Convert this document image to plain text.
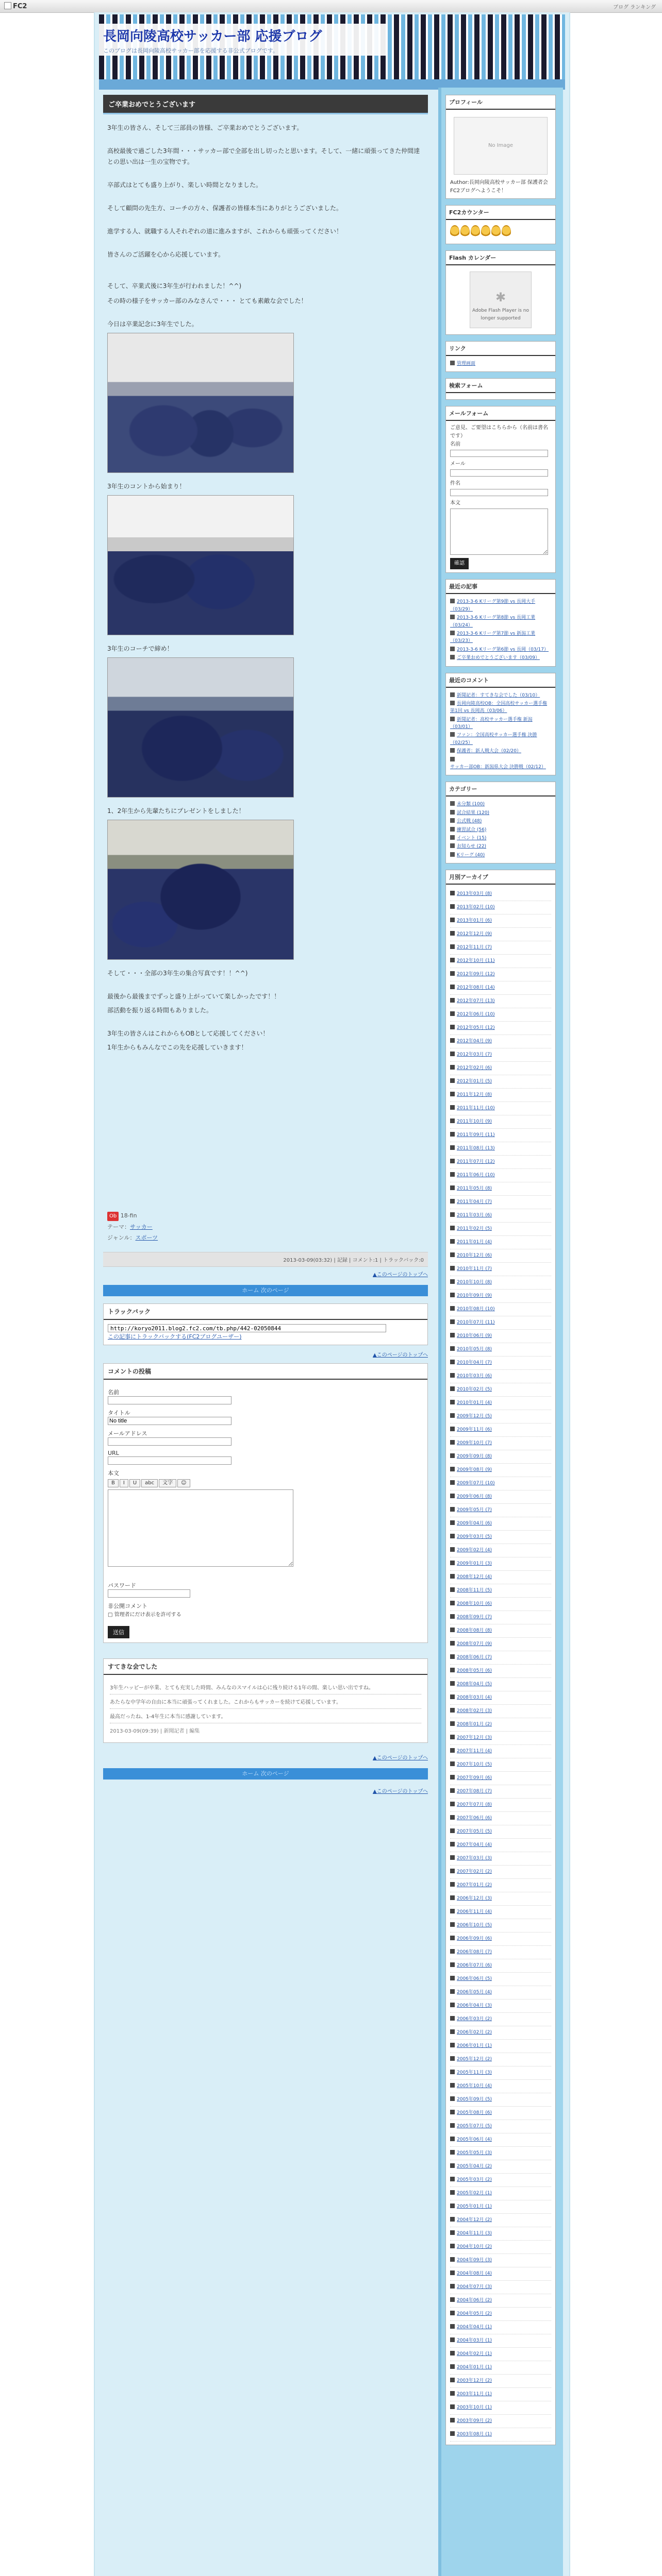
FC2	ブログ ランキング
長岡向陵高校サッカー部 応援ブログ
このブログは長岡向陵高校サッカー部を応援する非公式ブログです。
ご卒業おめでとうございます

3年生の皆さん、そして三部員の皆様、ご卒業おめでとうございます。

高校最後で過ごした3年間・・・サッカー部で全部を出し切ったと思います。そして、一緒に頑張ってきた仲間達との思い出は一生の宝物です。

卒部式はとても盛り上がり、楽しい時間となりました。

そして顧問の先生方、コーチの方々、保護者の皆様本当にありがとうございました。

進学する人、就職する人それぞれの道に進みますが、これからも頑張ってください！

皆さんのご活躍を心から応援しています。

そして、卒業式後に3年生が行われました！^^)

その時の様子をサッカー部のみなさんで・・・ とても素敵な会でした！

今日は卒業記念に3年生でした。

3年生のコントから始まり！

3年生のコーチで締め！

1、2年生から先輩たちにプレゼントをしました！

そして・・・全部の3年生の集合写真です！！^^)

最後から最後までずっと盛り上がっていて楽しかったです！！

部活動を振り返る時間もありました。

3年生の皆さんはこれからもOBとして応援してください！

1年生からもみんなでこの先を応援していきます！

Ob 18-fin
テーマ：サッカー
ジャンル：スポーツ
2013-03-09(03:32) | 記録 | コメント:1 | トラックバック:0
▲このページのトップへ
ホーム 次のページ
トラックバック
http://koryo2011.blog2.fc2.com/tb.php/442-02050844
この記事にトラックバックする(FC2ブログユーザー)
▲このページのトップへ
コメントの投稿
名前
タイトル
No title
メールアドレス
URL
本文
B I U abc 文字 ☺
パスワード
非公開コメント
□ 管理者にだけ表示を許可する
送信
すてきな会でした
3年生ハッピーが卒業、とても充実した時間、みんなのスマイルは心に残り続ける1年の間、楽しい思い出ですね。
あたらな中学年の自由に本当に頑張ってくれました。これからもサッカーを続けて応援しています。
最高だったね、1-4年生に本当に感謝しています。
2013-03-09(09:39) | 新聞記者 | 編集
▲このページのトップへ
ホーム 次のページ
▲このページのトップへ
プロフィール
No Image
Author:長岡向陵高校サッカー部 保護者会
FC2ブログへようこそ！
FC2カウンター
Flash カレンダー
✱
Adobe Flash Player is no longer supported
リンク
管理画面
検索フォーム
メールフォーム
ご意見、ご要望はこちらから（名前は書名です）
名前
メール
件名
本文
確認
最近の記事
2013-3-6 Kリーグ第9節 vs 長岡大手（03/29）
2013-3-6 Kリーグ第8節 vs 長岡工業（03/24）
2013-3-6 Kリーグ第7節 vs 新潟工業（03/23）
2013-3-6 Kリーグ第6節 vs 長岡（03/17）
ご卒業おめでとうございます（03/09）
最近のコメント
新聞記者：すてきな会でした（03/10）
長岡向陵高校OB：全国高校サッカー選手権 第1回 vs 長岡高（03/06）
新聞記者：高校サッカー選手権 新潟（03/01）
ファン：全国高校サッカー選手権 決勝（02/25）
保護者：新人戦大会（02/20）
サッカー部OB：新潟県大会 決勝戦（02/12）
カテゴリー
未分類 (100)
試合結果 (120)
公式戦 (48)
練習試合 (56)
イベント (15)
お知らせ (22)
Kリーグ (40)
月別アーカイブ
2013年03月 (8)
2013年02月 (10)
2013年01月 (6)
2012年12月 (9)
2012年11月 (7)
2012年10月 (11)
2012年09月 (12)
2012年08月 (14)
2012年07月 (13)
2012年06月 (10)
2012年05月 (12)
2012年04月 (9)
2012年03月 (7)
2012年02月 (6)
2012年01月 (5)
2011年12月 (8)
2011年11月 (10)
2011年10月 (9)
2011年09月 (11)
2011年08月 (13)
2011年07月 (12)
2011年06月 (10)
2011年05月 (8)
2011年04月 (7)
2011年03月 (6)
2011年02月 (5)
2011年01月 (4)
2010年12月 (6)
2010年11月 (7)
2010年10月 (8)
2010年09月 (9)
2010年08月 (10)
2010年07月 (11)
2010年06月 (9)
2010年05月 (8)
2010年04月 (7)
2010年03月 (6)
2010年02月 (5)
2010年01月 (4)
2009年12月 (5)
2009年11月 (6)
2009年10月 (7)
2009年09月 (8)
2009年08月 (9)
2009年07月 (10)
2009年06月 (8)
2009年05月 (7)
2009年04月 (6)
2009年03月 (5)
2009年02月 (4)
2009年01月 (3)
2008年12月 (4)
2008年11月 (5)
2008年10月 (6)
2008年09月 (7)
2008年08月 (8)
2008年07月 (9)
2008年06月 (7)
2008年05月 (6)
2008年04月 (5)
2008年03月 (4)
2008年02月 (3)
2008年01月 (2)
2007年12月 (3)
2007年11月 (4)
2007年10月 (5)
2007年09月 (6)
2007年08月 (7)
2007年07月 (8)
2007年06月 (6)
2007年05月 (5)
2007年04月 (4)
2007年03月 (3)
2007年02月 (2)
2007年01月 (2)
2006年12月 (3)
2006年11月 (4)
2006年10月 (5)
2006年09月 (6)
2006年08月 (7)
2006年07月 (6)
2006年06月 (5)
2006年05月 (4)
2006年04月 (3)
2006年03月 (2)
2006年02月 (2)
2006年01月 (1)
2005年12月 (2)
2005年11月 (3)
2005年10月 (4)
2005年09月 (5)
2005年08月 (6)
2005年07月 (5)
2005年06月 (4)
2005年05月 (3)
2005年04月 (2)
2005年03月 (2)
2005年02月 (1)
2005年01月 (1)
2004年12月 (2)
2004年11月 (3)
2004年10月 (2)
2004年09月 (3)
2004年08月 (4)
2004年07月 (3)
2004年06月 (2)
2004年05月 (2)
2004年04月 (1)
2004年03月 (1)
2004年02月 (1)
2004年01月 (1)
2003年12月 (2)
2003年11月 (1)
2003年10月 (1)
2003年09月 (2)
2003年08月 (1)
